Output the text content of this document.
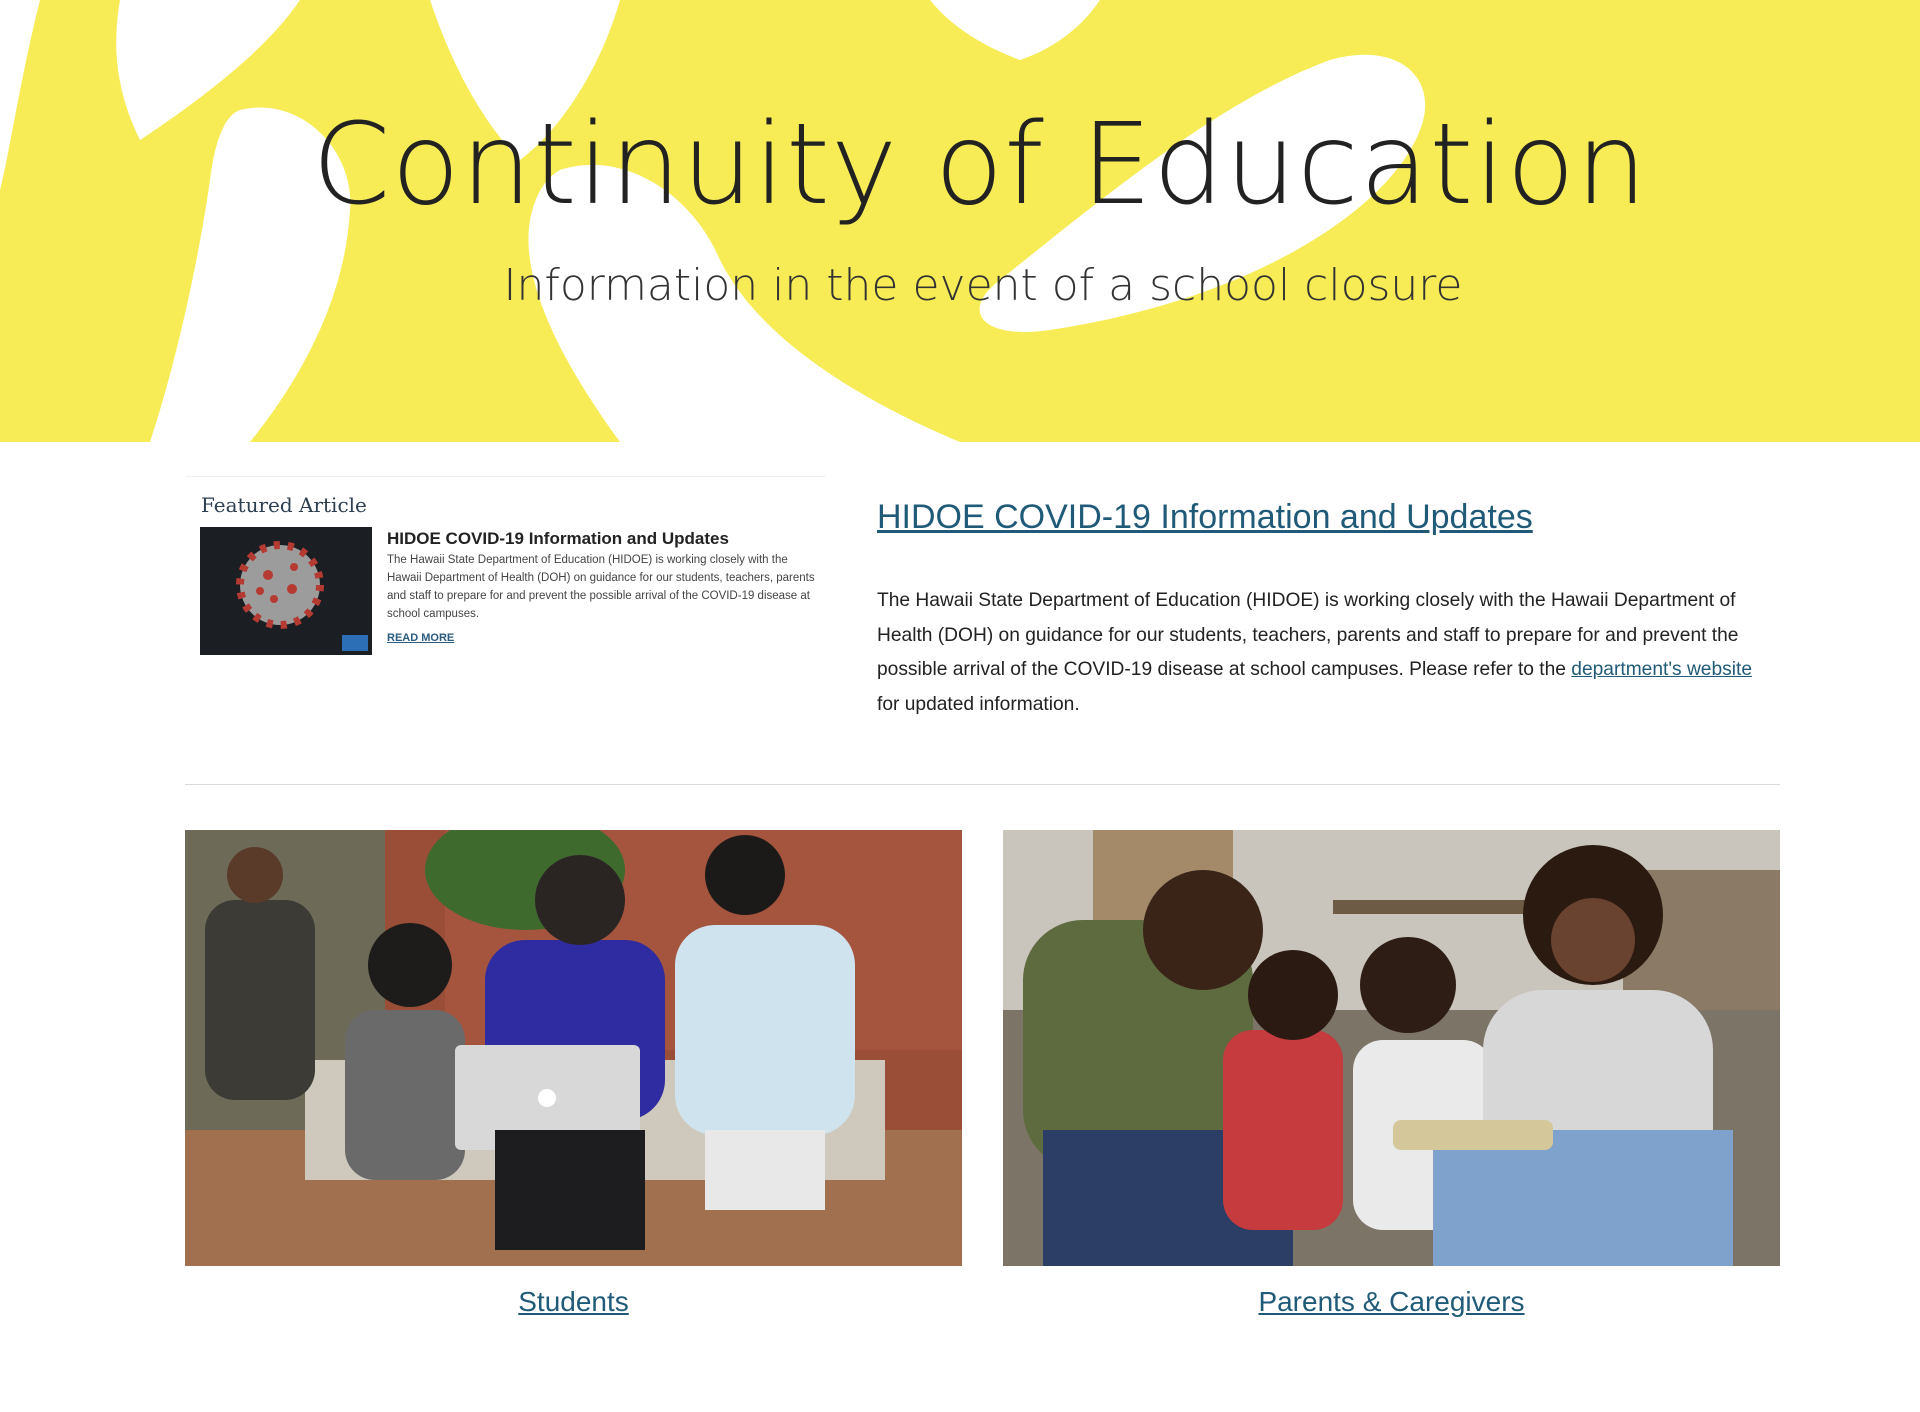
Continuity of Education

Information in the event of a school closure

Featured Article
HIDOE COVID-19 Information and Updates
The Hawaii State Department of Education (HIDOE) is working closely with the Hawaii Department of Health (DOH) on guidance for our students, teachers, parents and staff to prepare for and prevent the possible arrival of the COVID-19 disease at school campuses.
READ MORE
HIDOE COVID-19 Information and Updates

The Hawaii State Department of Education (HIDOE) is working closely with the Hawaii Department of Health (DOH) on guidance for our students, teachers, parents and staff to prepare for and prevent the possible arrival of the COVID-19 disease at school campuses. Please refer to the department's website for updated information.

Students	Parents & Caregivers
